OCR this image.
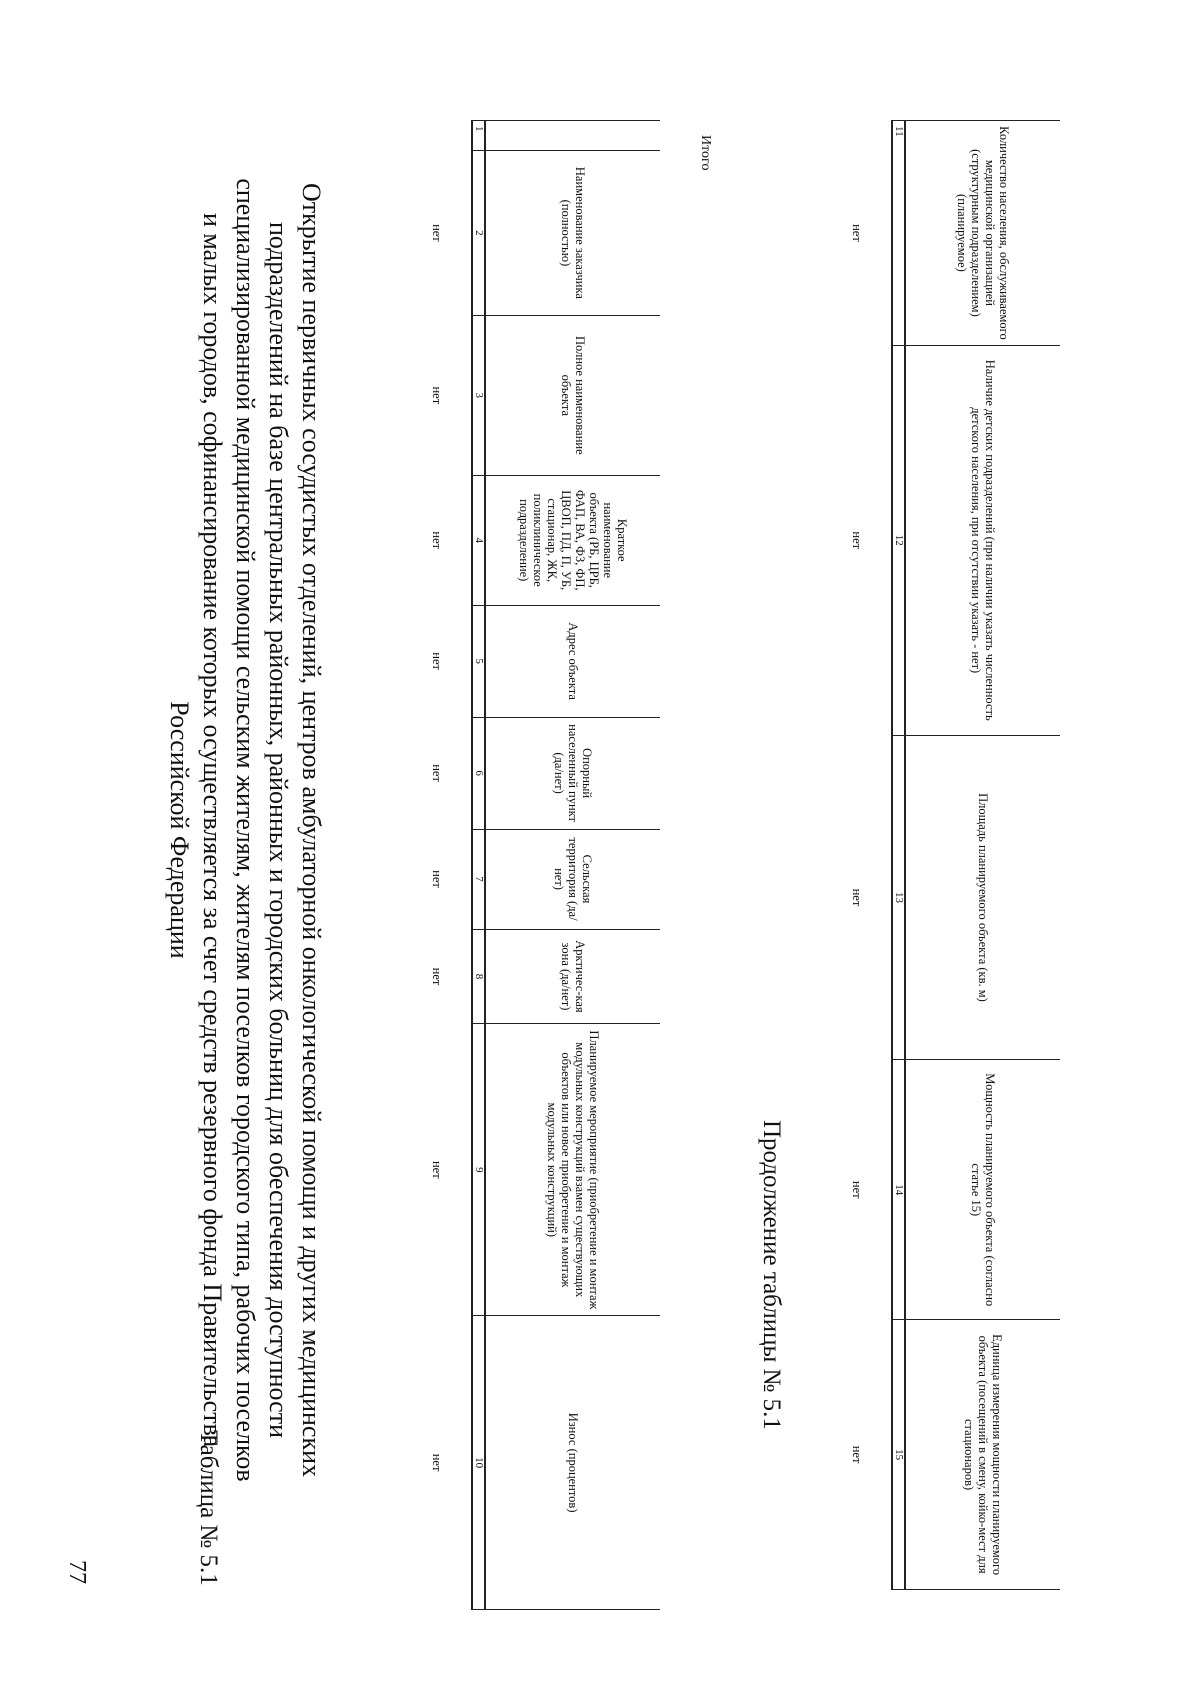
77	Таблица № 5.1
Открытие первичных сосудистых отделений, центров амбулаторной онкологической помощи и других медицинских
подразделений на базе центральных районных, районных и городских больниц для обеспечения доступности
специализированной медицинской помощи сельским жителям, жителям поселков городского типа, рабочих поселков
и малых городов, софинансирование которых осуществляется за счет средств резервного фонда Правительства
Российской Федерации
	Наименование заказчика (полностью)	Полное наименование объекта	Краткое наименование объекта (РБ, ЦРБ, ФАП, ВА, ФЗ, ФП, ЦВОП, ПД, П, УБ, стационар, ЖК, поликлиническое подразделение)	Адрес объекта	Опорный населенный пункт (да/нет)	Сельская территория (да/нет)	Арктичес-кая зона (да/нет)	Планируемое мероприятие (приобретение и монтаж модульных конструкций взамен существующих объектов или новое приобретение и монтаж модульных конструкций)	Износ (процентов)
1	2	3	4	5	6	7	8	9	10
	нет	нет	нет	нет	нет	нет	нет	нет	нет
Итого
Продолжение таблицы № 5.1
Количество населения, обслуживаемого медицинской организацией (структурным подразделением) (планируемое)	Наличие детских подразделений (при наличии указать численность детского населения, при отсутствии указать - нет)	Площадь планируемого объекта (кв. м)	Мощность планируемого объекта (согласно статье 15)	Единица измерения мощности планируемого объекта (посещений в смену, койко-мест для стационаров)
11	12	13	14	15
нет	нет	нет	нет	нет
